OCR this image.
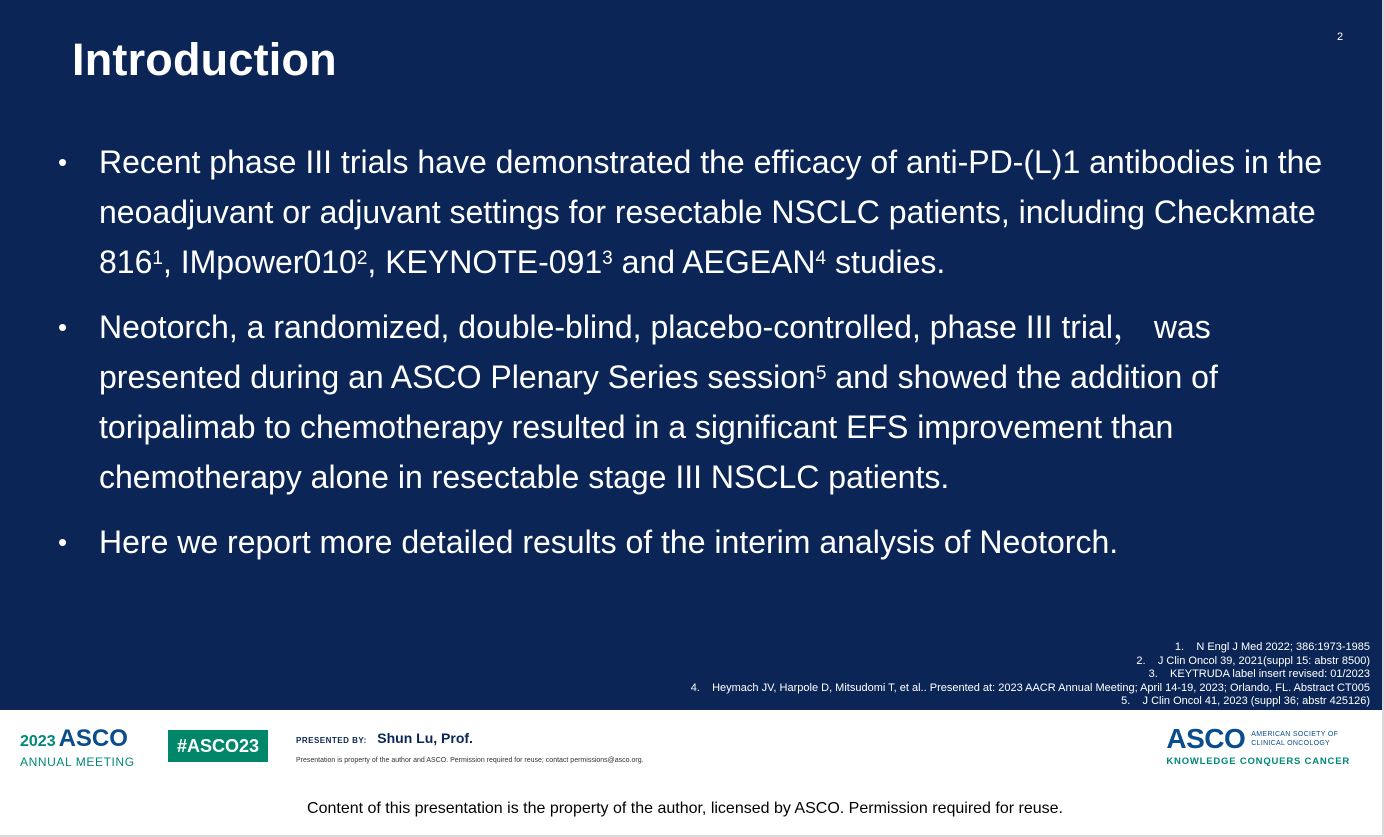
Introduction	2
• Recent phase III trials have demonstrated the efficacy of anti-PD-(L)1 antibodies in the neoadjuvant or adjuvant settings for resectable NSCLC patients, including Checkmate $816^1$, $IMpower010^2$, KEYNOTE-$091^3$ and AEGEAN$^4$ studies.
• Neotorch, a randomized, double-blind, placebo-controlled, phase III trial， was presented during an ASCO Plenary Series session$^5$ and showed the addition of toripalimab to chemotherapy resulted in a significant EFS improvement than chemotherapy alone in resectable stage III NSCLC patients.
• Here we report more detailed results of the interim analysis of Neotorch.
1.    N Engl J Med 2022; 386:1973-1985
2.    J Clin Oncol 39, 2021(suppl 15: abstr 8500)
3.    KEYTRUDA label insert revised: 01/2023
4.    Heymach JV, Harpole D, Mitsudomi T, et al.. Presented at: 2023 AACR Annual Meeting; April 14-19, 2023; Orlando, FL. Abstract CT005
5.    J Clin Oncol 41, 2023 (suppl 36; abstr 425126)
2023 ASCO
ANNUAL MEETING
#ASCO23	PRESENTED BY: Shun Lu, Prof.
Presentation is property of the author and ASCO. Permission required for reuse; contact permissions@asco.org.
ASCO AMERICAN SOCIETY OF CLINICAL ONCOLOGY
KNOWLEDGE CONQUERS CANCER
Content of this presentation is the property of the author, licensed by ASCO. Permission required for reuse.
